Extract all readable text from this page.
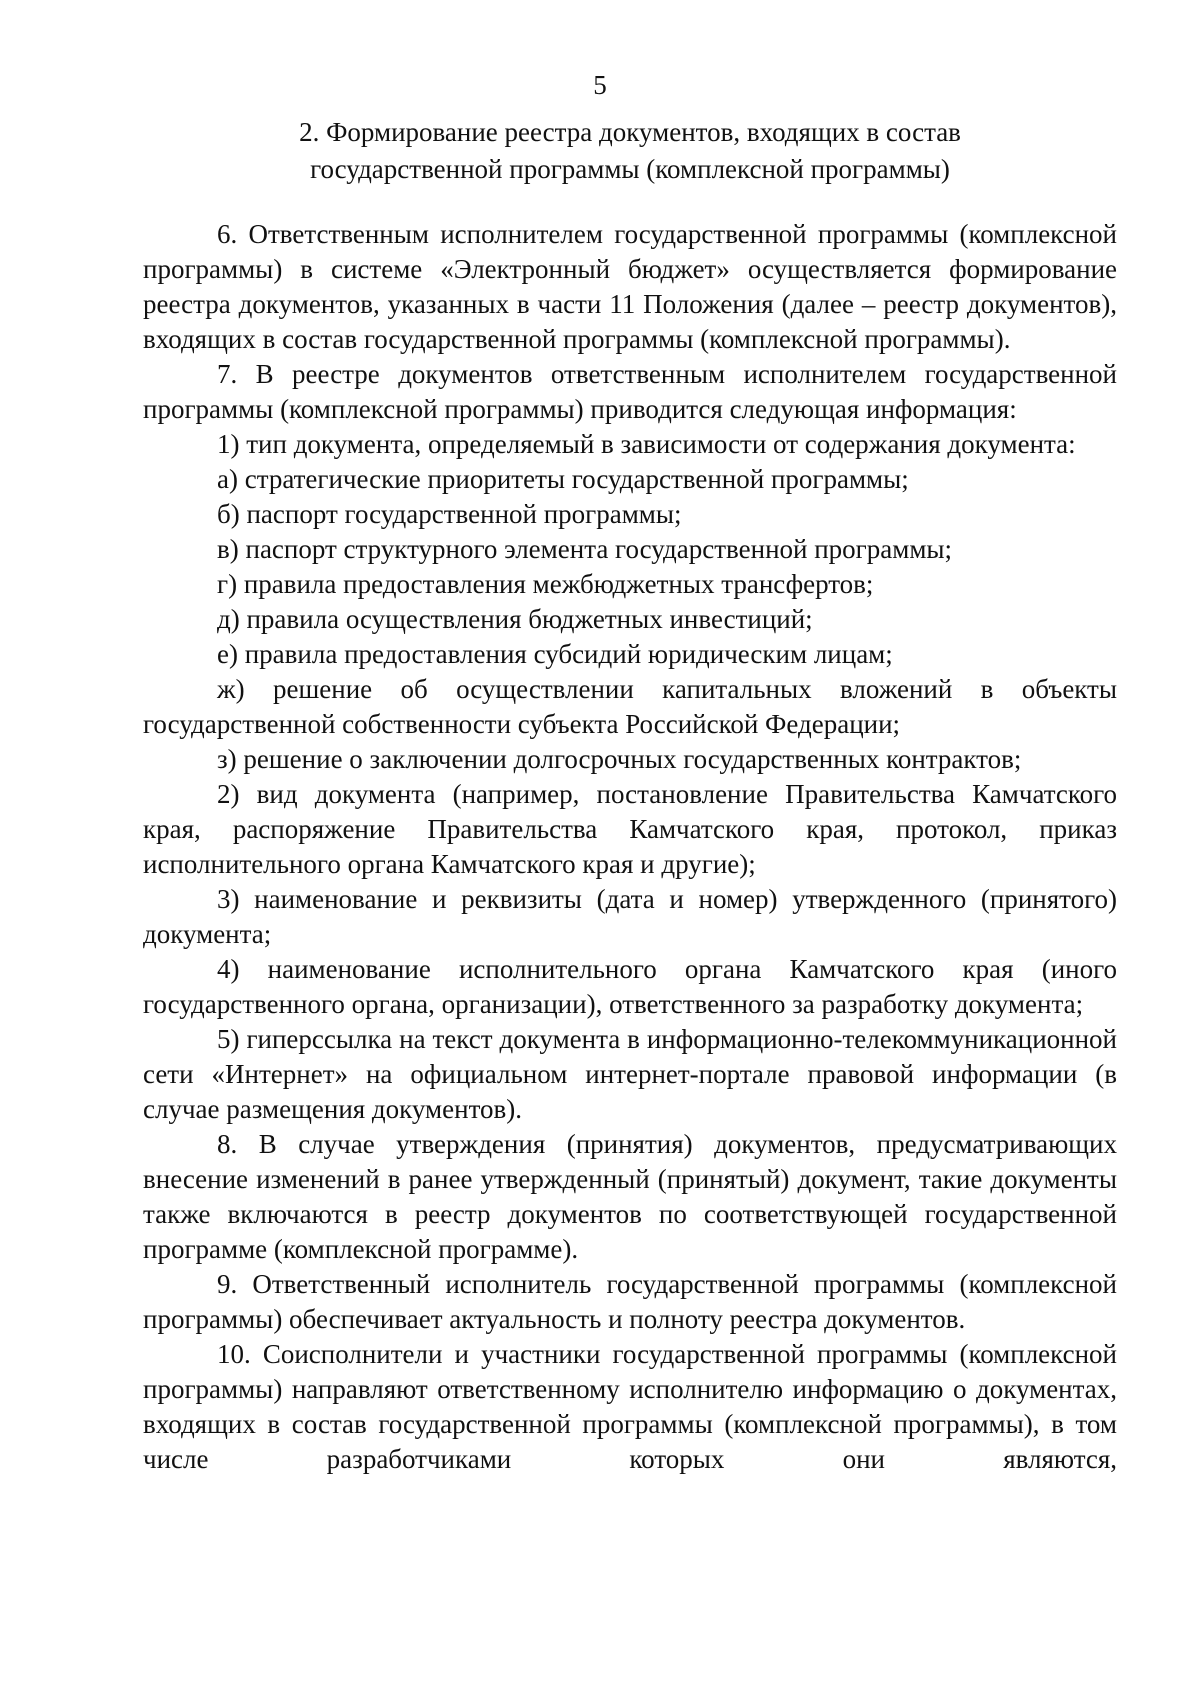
5
2. Формирование реестра документов, входящих в состав
государственной программы (комплексной программы)

6. Ответственным исполнителем государственной программы (комплексной программы) в системе «Электронный бюджет» осуществляется формирование реестра документов, указанных в части 11 Положения (далее – реестр документов), входящих в состав государственной программы (комплексной программы).

7. В реестре документов ответственным исполнителем государственной программы (комплексной программы) приводится следующая информация:

1) тип документа, определяемый в зависимости от содержания документа:

а) стратегические приоритеты государственной программы;

б) паспорт государственной программы;

в) паспорт структурного элемента государственной программы;

г) правила предоставления межбюджетных трансфертов;

д) правила осуществления бюджетных инвестиций;

е) правила предоставления субсидий юридическим лицам;

ж) решение об осуществлении капитальных вложений в объекты государственной собственности субъекта Российской Федерации;

з) решение о заключении долгосрочных государственных контрактов;

2) вид документа (например, постановление Правительства Камчатского края, распоряжение Правительства Камчатского края, протокол, приказ исполнительного органа Камчатского края и другие);

3) наименование и реквизиты (дата и номер) утвержденного (принятого) документа;

4) наименование исполнительного органа Камчатского края (иного государственного органа, организации), ответственного за разработку документа;

5) гиперссылка на текст документа в информационно-телекоммуникационной сети «Интернет» на официальном интернет-портале правовой информации (в случае размещения документов).

8. В случае утверждения (принятия) документов, предусматривающих внесение изменений в ранее утвержденный (принятый) документ, такие документы также включаются в реестр документов по соответствующей государственной программе (комплексной программе).

9. Ответственный исполнитель государственной программы (комплексной программы) обеспечивает актуальность и полноту реестра документов.

10. Соисполнители и участники государственной программы (комплексной программы) направляют ответственному исполнителю информацию о документах, входящих в состав государственной программы (комплексной программы), в том числе разработчиками которых они являются,
